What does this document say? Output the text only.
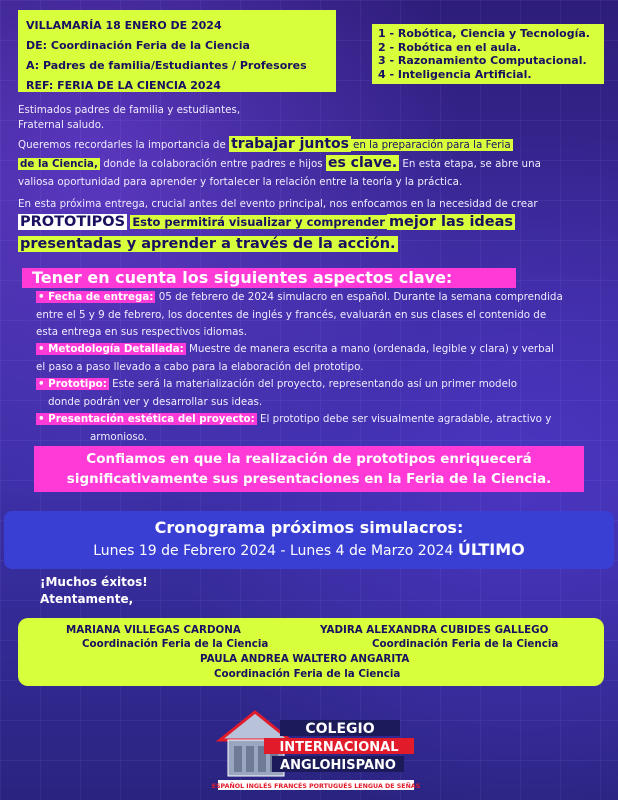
VILLAMARÍA 18 ENERO DE 2024
DE: Coordinación Feria de la Ciencia
A: Padres de familia/Estudiantes / Profesores
REF: FERIA DE LA CIENCIA 2024
1 - Robótica, Ciencia y Tecnología.
2 - Robótica en el aula.
3 - Razonamiento Computacional.
4 - Inteligencia Artificial.
Estimados padres de familia y estudiantes,
Fraternal saludo.
Queremos recordarles la importancia de trabajar juntos en la preparación para la Feria
de la Ciencia, donde la colaboración entre padres e hijos es clave. En esta etapa, se abre una
valiosa oportunidad para aprender y fortalecer la relación entre la teoría y la práctica.
En esta próxima entrega, crucial antes del evento principal, nos enfocamos en la necesidad de crear
PROTOTIPOS Esto permitirá visualizar y comprender mejor las ideas
presentadas y aprender a través de la acción.
Tener en cuenta los siguientes aspectos clave:
• Fecha de entrega: 05 de febrero de 2024 simulacro en español. Durante la semana comprendida
entre el 5 y 9 de febrero, los docentes de inglés y francés, evaluarán en sus clases el contenido de
esta entrega en sus respectivos idiomas.
• Metodología Detallada: Muestre de manera escrita a mano (ordenada, legible y clara) y verbal
el paso a paso llevado a cabo para la elaboración del prototipo.
• Prototipo: Este será la materialización del proyecto, representando así un primer modelo
donde podrán ver y desarrollar sus ideas.
• Presentación estética del proyecto: El prototipo debe ser visualmente agradable, atractivo y
armonioso.
Confiamos en que la realización de prototipos enriquecerá
significativamente sus presentaciones en la Feria de la Ciencia.
Cronograma próximos simulacros:
Lunes 19 de Febrero 2024 - Lunes 4 de Marzo 2024 ÚLTIMO
¡Muchos éxitos!
Atentamente,
MARIANA VILLEGAS CARDONA
Coordinación Feria de la Ciencia
YADIRA ALEXANDRA CUBIDES GALLEGO
Coordinación Feria de la Ciencia
PAULA ANDREA WALTERO ANGARITA
Coordinación Feria de la Ciencia
COLEGIO
INTERNACIONAL
ANGLOHISPANO
ESPAÑOL INGLÉS FRANCÉS PORTUGUÉS LENGUA DE SEÑAS
